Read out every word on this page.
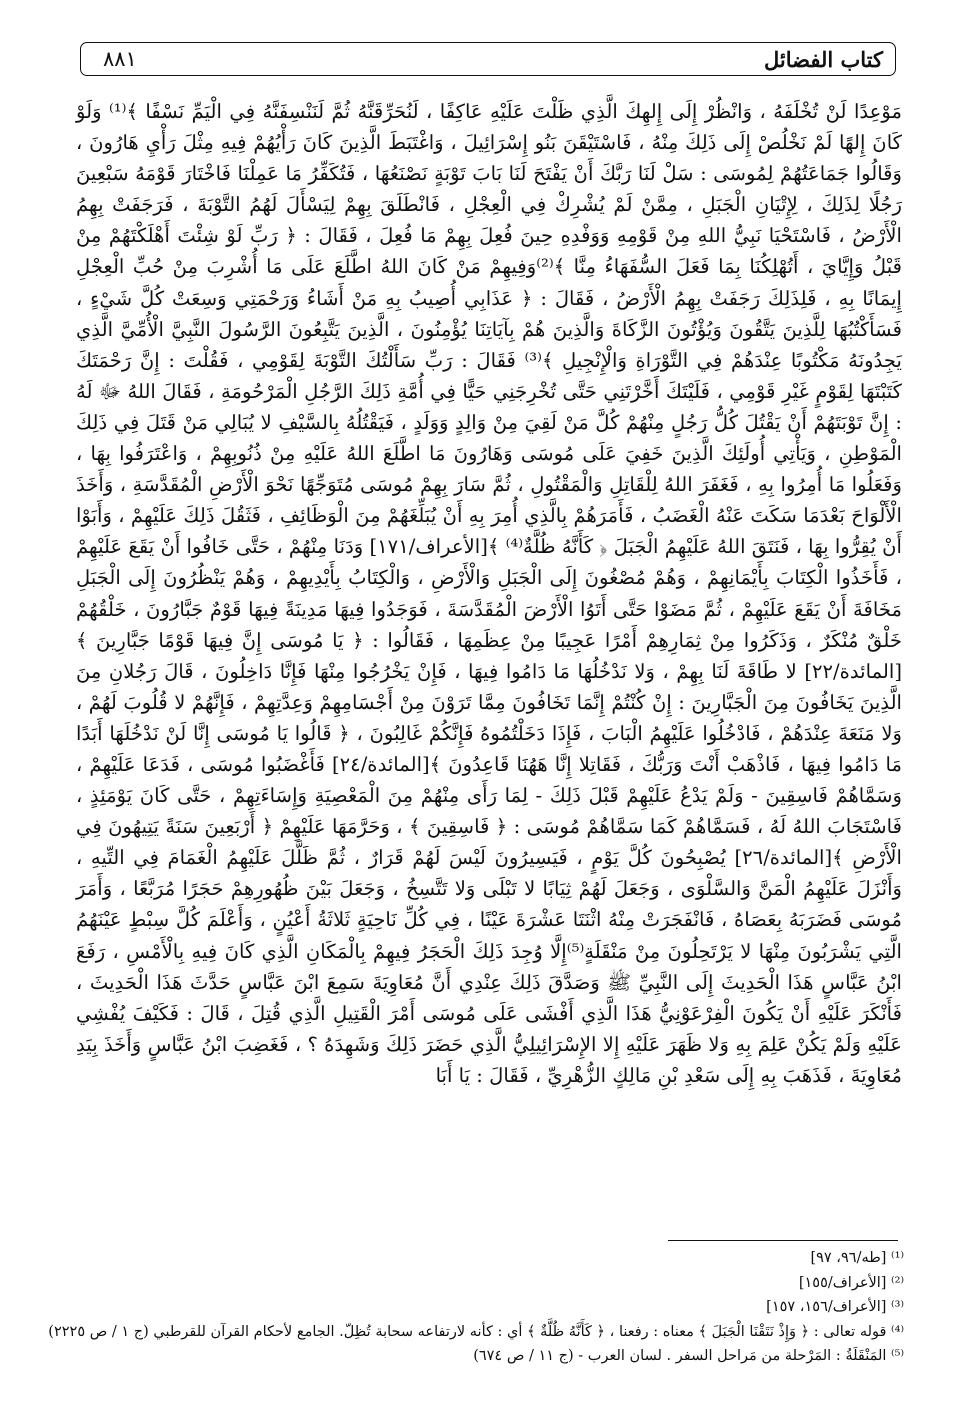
٨٨١	كتاب الفضائل

مَوْعِدًا لَنْ تُخْلَفَهُ ، وَانْظُرْ إِلَى إِلهِكَ الَّذِي ظَلْتَ عَلَيْهِ عَاكِفًا ، لَنُحَرِّقَنَّهُ ثُمَّ لَنَنْسِفَنَّهُ فِي الْيَمِّ نَسْفًا ﴾⁽¹⁾ وَلَوْ كَانَ إِلهًا لَمْ نَخْلُصْ إِلَى ذَلِكَ مِنْهُ ، فَاسْتَيْقَنَ بَنُو إِسْرَائِيلَ ، وَاغْتَبَطَ الَّذِينَ كَانَ رَأْيُهُمْ فِيهِ مِثْلَ رَأْيِ هَارُونَ ، وَقَالُوا جَمَاعَتُهُمْ لِمُوسَى : سَلْ لَنَا رَبَّكَ أَنْ يَفْتَحَ لَنَا بَابَ تَوْبَةٍ نَصْنَعُهَا ، فَتُكَفِّرُ مَا عَمِلْنَا فَاخْتَارَ قَوْمَهُ سَبْعِينَ رَجُلًا لِذَلِكَ ، لِإِتْيَانِ الْجَبَلِ ، مِمَّنْ لَمْ يُشْرِكْ فِي الْعِجْلِ ، فَانْطَلَقَ بِهِمْ لِيَسْأَلَ لَهُمُ التَّوْبَةَ ، فَرَجَفَتْ بِهِمُ الْأَرْضُ ، فَاسْتَحْيَا نَبِيُّ اللهِ مِنْ قَوْمِهِ وَوَفْدِهِ حِينَ فُعِلَ بِهِمْ مَا فُعِلَ ، فَقَالَ : ﴿ رَبِّ لَوْ شِئْتَ أَهْلَكْتَهُمْ مِنْ قَبْلُ وَإِيَّايَ ، أَتُهْلِكُنَا بِمَا فَعَلَ السُّفَهَاءُ مِنَّا ﴾⁽²⁾وَفِيهِمْ مَنْ كَانَ اللهُ اطَّلَعَ عَلَى مَا أُشْرِبَ مِنْ حُبِّ الْعِجْلِ إِيمَانًا بِهِ ، فَلِذَلِكَ رَجَفَتْ بِهِمُ الْأَرْضُ ، فَقَالَ : ﴿ عَذَابِي أُصِيبُ بِهِ مَنْ أَشَاءُ وَرَحْمَتِي وَسِعَتْ كُلَّ شَيْءٍ ، فَسَأَكْتُبُهَا لِلَّذِينَ يَتَّقُونَ وَيُؤْتُونَ الزَّكَاةَ وَالَّذِينَ هُمْ بِآيَاتِنَا يُؤْمِنُونَ ، الَّذِينَ يَتَّبِعُونَ الرَّسُولَ النَّبِيَّ الْأُمِّيَّ الَّذِي يَجِدُونَهُ مَكْتُوبًا عِنْدَهُمْ فِي التَّوْرَاةِ وَالْإِنْجِيلِ ﴾⁽³⁾ فَقَالَ : رَبِّ سَأَلْتُكَ التَّوْبَةَ لِقَوْمِي ، فَقُلْتَ : إِنَّ رَحْمَتَكَ كَتَبْتَهَا لِقَوْمٍ غَيْرِ قَوْمِي ، فَلَيْتَكَ أَخَّرْتَنِي حَتَّى تُخْرِجَنِي حَيًّا فِي أُمَّةِ ذَلِكَ الرَّجُلِ الْمَرْحُومَةِ ، فَقَالَ اللهُ ﷻ لَهُ : إِنَّ تَوْبَتَهُمْ أَنْ يَقْتُلَ كُلُّ رَجُلٍ مِنْهُمْ كُلَّ مَنْ لَقِيَ مِنْ وَالِدٍ وَوَلَدٍ ، فَيَقْتُلُهُ بِالسَّيْفِ لا يُبَالِي مَنْ قَتَلَ فِي ذَلِكَ الْمَوْطِنِ ، وَيَأْتِي أُولَئِكَ الَّذِينَ خَفِيَ عَلَى مُوسَى وَهَارُونَ مَا اطَّلَعَ اللهُ عَلَيْهِ مِنْ ذُنُوبِهِمْ ، وَاعْتَرَفُوا بِهَا ، وَفَعَلُوا مَا أُمِرُوا بِهِ ، فَغَفَرَ اللهُ لِلْقَاتِلِ وَالْمَقْتُولِ ، ثُمَّ سَارَ بِهِمْ مُوسَى مُتَوَجِّهًا نَحْوَ الْأَرْضِ الْمُقَدَّسَةِ ، وَأَخَذَ الْأَلْوَاحَ بَعْدَمَا سَكَتَ عَنْهُ الْغَضَبُ ، فَأَمَرَهُمْ بِالَّذِي أُمِرَ بِهِ أَنْ يُبَلِّغَهُمْ مِنَ الْوَظَائِفِ ، فَثَقُلَ ذَلِكَ عَلَيْهِمْ ، وَأَبَوْا أَنْ يُقِرُّوا بِهَا ، فَنَتَقَ اللهُ عَلَيْهِمُ الْجَبَلَ ﴿ كَأَنَّهُ ظُلَّةٌ⁽⁴⁾ ﴾[الأعراف/١٧١] وَدَنَا مِنْهُمْ ، حَتَّى خَافُوا أَنْ يَقَعَ عَلَيْهِمْ ، فَأَخَذُوا الْكِتَابَ بِأَيْمَانِهِمْ ، وَهُمْ مُصْغُونَ إِلَى الْجَبَلِ وَالْأَرْضِ ، وَالْكِتَابُ بِأَيْدِيهِمْ ، وَهُمْ يَنْظُرُونَ إِلَى الْجَبَلِ مَخَافَةَ أَنْ يَقَعَ عَلَيْهِمْ ، ثُمَّ مَضَوْا حَتَّى أَتَوُا الْأَرْضَ الْمُقَدَّسَةَ ، فَوَجَدُوا فِيهَا مَدِينَةً فِيهَا قَوْمٌ جَبَّارُونَ ، خَلْقُهُمْ خَلْقٌ مُنْكَرٌ ، وَذَكَرُوا مِنْ ثِمَارِهِمْ أَمْرًا عَجِيبًا مِنْ عِظَمِهَا ، فَقَالُوا : ﴿ يَا مُوسَى إِنَّ فِيهَا قَوْمًا جَبَّارِينَ ﴾[المائدة/٢٢] لا طَاقَةَ لَنَا بِهِمْ ، وَلا نَدْخُلُهَا مَا دَامُوا فِيهَا ، فَإِنْ يَخْرُجُوا مِنْهَا فَإِنَّا دَاخِلُونَ ، قَالَ رَجُلانِ مِنَ الَّذِينَ يَخَافُونَ مِنَ الْجَبَّارِينَ : إِنْ كُنْتُمْ إِنَّمَا تَخَافُونَ مِمَّا تَرَوْنَ مِنْ أَجْسَامِهِمْ وَعِدَّتِهِمْ ، فَإِنَّهُمْ لا قُلُوبَ لَهُمْ ، وَلا مَنَعَةَ عِنْدَهُمْ ، فَادْخُلُوا عَلَيْهِمُ الْبَابَ ، فَإِذَا دَخَلْتُمُوهُ فَإِنَّكُمْ غَالِبُونَ ، ﴿ قَالُوا يَا مُوسَى إِنَّا لَنْ نَدْخُلَهَا أَبَدًا مَا دَامُوا فِيهَا ، فَاذْهَبْ أَنْتَ وَرَبُّكَ ، فَقَاتِلا إِنَّا هَهُنَا قَاعِدُونَ ﴾[المائدة/٢٤] فَأَغْضَبُوا مُوسَى ، فَدَعَا عَلَيْهِمْ ، وَسَمَّاهُمْ فَاسِقِينَ - وَلَمْ يَدْعُ عَلَيْهِمْ قَبْلَ ذَلِكَ - لِمَا رَأَى مِنْهُمْ مِنَ الْمَعْصِيَةِ وَإِسَاءَتِهِمْ ، حَتَّى كَانَ يَوْمَئِذٍ ، فَاسْتَجَابَ اللهُ لَهُ ، فَسَمَّاهُمْ كَمَا سَمَّاهُمْ مُوسَى : ﴿ فَاسِقِينَ ﴾ ، وَحَرَّمَهَا عَلَيْهِمْ ﴿ أَرْبَعِينَ سَنَةً يَتِيهُونَ فِي الْأَرْضِ ﴾[المائدة/٢٦] يُصْبِحُونَ كُلَّ يَوْمٍ ، فَيَسِيرُونَ لَيْسَ لَهُمْ قَرَارٌ ، ثُمَّ ظَلَّلَ عَلَيْهِمُ الْغَمَامَ فِي التِّيهِ ، وَأَنْزَلَ عَلَيْهِمُ الْمَنَّ وَالسَّلْوَى ، وَجَعَلَ لَهُمْ ثِيَابًا لا تَبْلَى وَلا تَتَّسِخُ ، وَجَعَلَ بَيْنَ ظُهُورِهِمْ حَجَرًا مُرَبَّعًا ، وَأَمَرَ مُوسَى فَضَرَبَهُ بِعَصَاهُ ، فَانْفَجَرَتْ مِنْهُ اثْنَتَا عَشْرَةَ عَيْنًا ، فِي كُلِّ نَاحِيَةٍ ثَلاثَةُ أَعْيُنٍ ، وَأَعْلَمَ كُلَّ سِبْطٍ عَيْنَهُمُ الَّتِي يَشْرَبُونَ مِنْهَا لا يَرْتَحِلُونَ مِنْ مَنْقَلَةٍ⁽⁵⁾إِلَّا وُجِدَ ذَلِكَ الْحَجَرُ فِيهِمْ بِالْمَكَانِ الَّذِي كَانَ فِيهِ بِالْأَمْسِ ، رَفَعَ ابْنُ عَبَّاسٍ هَذَا الْحَدِيثَ إِلَى النَّبِيِّ ﷺ وَصَدَّقَ ذَلِكَ عِنْدِي أَنَّ مُعَاوِيَةَ سَمِعَ ابْنَ عَبَّاسٍ حَدَّثَ هَذَا الْحَدِيثَ ، فَأَنْكَرَ عَلَيْهِ أَنْ يَكُونَ الْفِرْعَوْنِيُّ هَذَا الَّذِي أَفْشَى عَلَى مُوسَى أَمْرَ الْقَتِيلِ الَّذِي قُتِلَ ، قَالَ : فَكَيْفَ يُفْشِي عَلَيْهِ وَلَمْ يَكُنْ عَلِمَ بِهِ وَلا ظَهَرَ عَلَيْهِ إِلا الإِسْرَائِيلِيُّ الَّذِي حَضَرَ ذَلِكَ وَشَهِدَهُ ؟ ، فَغَضِبَ ابْنُ عَبَّاسٍ وَأَخَذَ بِيَدِ مُعَاوِيَةَ ، فَذَهَبَ بِهِ إِلَى سَعْدِ بْنِ مَالِكٍ الزُّهْرِيِّ ، فَقَالَ : يَا أَبَا

⁽¹⁾ [طه/٩٦، ٩٧]
⁽²⁾ [الأعراف/١٥٥]
⁽³⁾ [الأعراف/١٥٦، ١٥٧]
⁽⁴⁾ قوله تعالى : ﴿ وَإِذْ نَتَقْنَا الْجَبَلَ ﴾ معناه : رفعنا ، ﴿ كَأَنَّهُ ظُلَّةٌ ﴾ أي : كأنه لارتفاعه سحابة تُظِلّ. الجامع لأحكام القرآن للقرطبي (ج ١ / ص ٢٢٢٥)
⁽⁵⁾ المَنْقَلَةُ : المَرْحلة من مَراحل السفر . لسان العرب - (ج ١١ / ص ٦٧٤)
